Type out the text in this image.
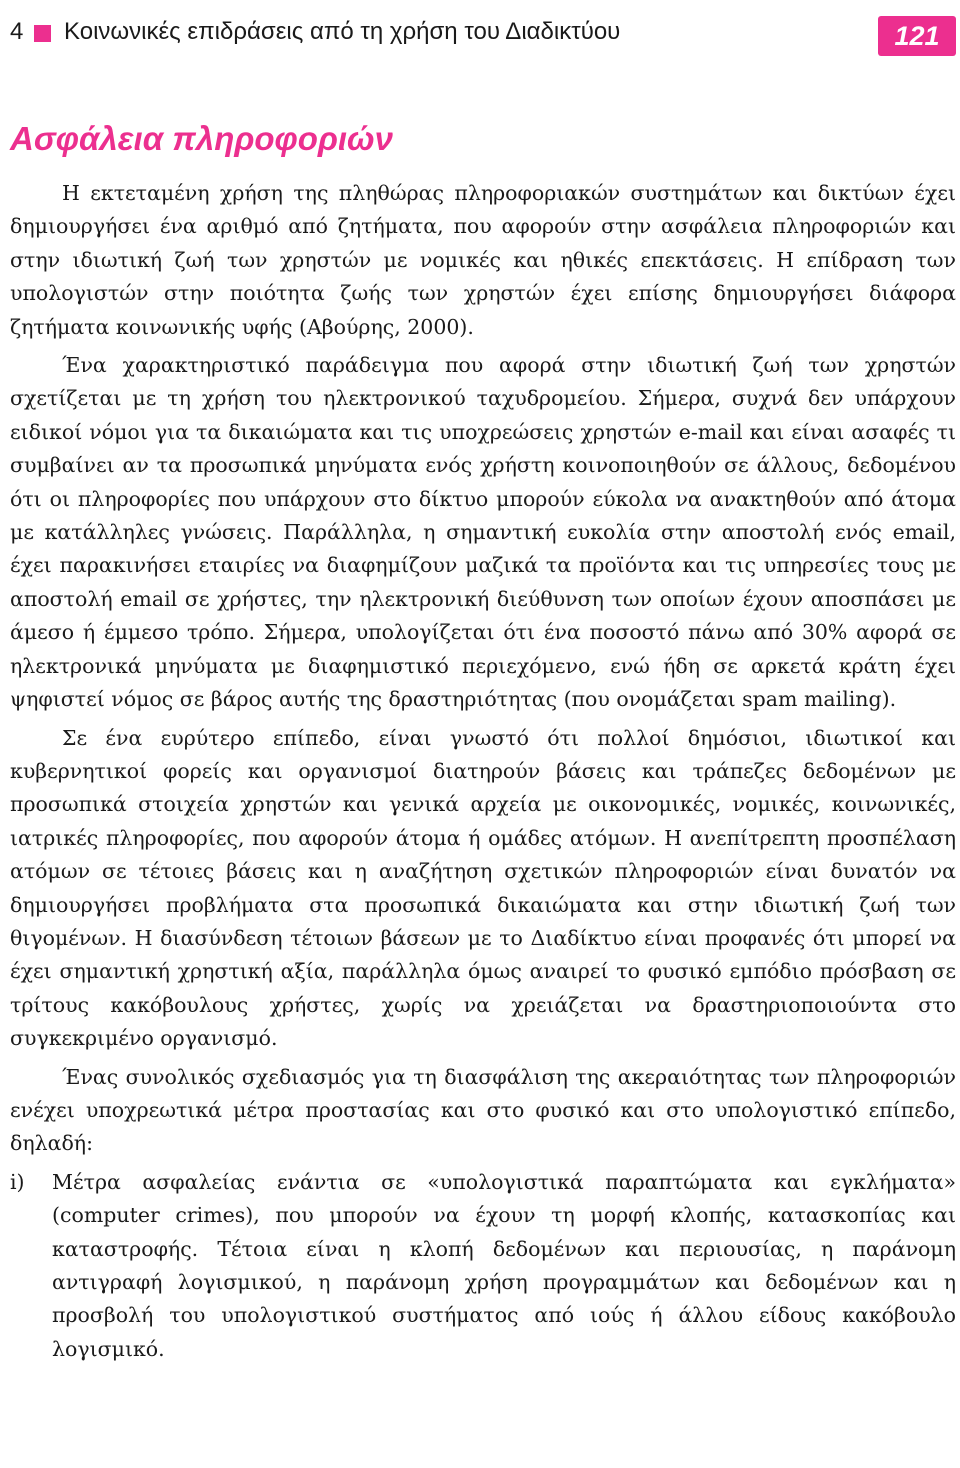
4 Κοινωνικές επιδράσεις από τη χρήση του Διαδικτύου	121
Ασφάλεια πληροφοριών

Η εκτεταμένη χρήση της πληθώρας πληροφοριακών συστημάτων και δικτύων έχει δημιουργήσει ένα αριθμό από ζητήματα, που αφορούν στην ασφάλεια πληροφοριών και στην ιδιωτική ζωή των χρηστών με νομικές και ηθικές επεκτάσεις. Η επίδραση των υπολογιστών στην ποιότητα ζωής των χρηστών έχει επίσης δημιουργήσει διάφορα ζητήματα κοινωνικής υφής (Αβούρης, 2000).

Ένα χαρακτηριστικό παράδειγμα που αφορά στην ιδιωτική ζωή των χρηστών σχετίζεται με τη χρήση του ηλεκτρονικού ταχυδρομείου. Σήμερα, συχνά δεν υπάρχουν ειδικοί νόμοι για τα δικαιώματα και τις υποχρεώσεις χρηστών e-mail και είναι ασαφές τι συμβαίνει αν τα προσωπικά μηνύματα ενός χρήστη κοινοποιηθούν σε άλλους, δεδομένου ότι οι πληροφορίες που υπάρχουν στο δίκτυο μπορούν εύκολα να ανακτηθούν από άτομα με κατάλληλες γνώσεις. Παράλληλα, η σημαντική ευκολία στην αποστολή ενός email, έχει παρακινήσει εταιρίες να διαφημίζουν μαζικά τα προϊόντα και τις υπηρεσίες τους με αποστολή email σε χρήστες, την ηλεκτρονική διεύθυνση των οποίων έχουν αποσπάσει με άμεσο ή έμμεσο τρόπο. Σήμερα, υπολογίζεται ότι ένα ποσοστό πάνω από 30% αφορά σε ηλεκτρονικά μηνύματα με διαφημιστικό περιεχόμενο, ενώ ήδη σε αρκετά κράτη έχει ψηφιστεί νόμος σε βάρος αυτής της δραστηριότητας (που ονομάζεται spam mailing).

Σε ένα ευρύτερο επίπεδο, είναι γνωστό ότι πολλοί δημόσιοι, ιδιωτικοί και κυβερνητικοί φορείς και οργανισμοί διατηρούν βάσεις και τράπεζες δεδομένων με προσωπικά στοιχεία χρηστών και γενικά αρχεία με οικονομικές, νομικές, κοινωνικές, ιατρικές πληροφορίες, που αφορούν άτομα ή ομάδες ατόμων. Η ανεπίτρεπτη προσπέλαση ατόμων σε τέτοιες βάσεις και η αναζήτηση σχετικών πληροφοριών είναι δυνατόν να δημιουργήσει προβλήματα στα προσωπικά δικαιώματα και στην ιδιωτική ζωή των θιγομένων. Η διασύνδεση τέτοιων βάσεων με το Διαδίκτυο είναι προφανές ότι μπορεί να έχει σημαντική χρηστική αξία, παράλληλα όμως αναιρεί το φυσικό εμπόδιο πρόσβαση σε τρίτους κακόβουλους χρήστες, χωρίς να χρειάζεται να δραστηριοποιούντα στο συγκεκριμένο οργανισμό.

Ένας συνολικός σχεδιασμός για τη διασφάλιση της ακεραιότητας των πληροφοριών ενέχει υποχρεωτικά μέτρα προστασίας και στο φυσικό και στο υπολογιστικό επίπεδο, δηλαδή:

i)	Μέτρα ασφαλείας ενάντια σε «υπολογιστικά παραπτώματα και εγκλήματα» (computer crimes), που μπορούν να έχουν τη μορφή κλοπής, κατασκοπίας και καταστροφής. Τέτοια είναι η κλοπή δεδομένων και περιουσίας, η παράνομη αντιγραφή λογισμικού, η παράνομη χρήση προγραμμάτων και δεδομένων και η προσβολή του υπολογιστικού συστήματος από ιούς ή άλλου είδους κακόβουλο λογισμικό.
